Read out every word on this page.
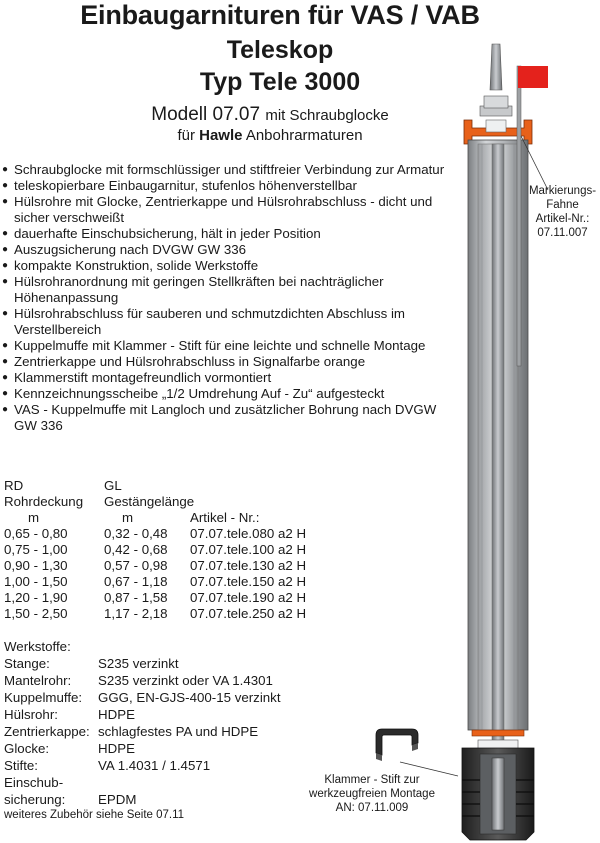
Einbaugarnituren für VAS / VAB
Teleskop
Typ Tele 3000
Modell 07.07 mit Schraubglocke
für Hawle Anbohrarmaturen
● Schraubglocke mit formschlüssiger und stiftfreier Verbindung zur Armatur
● teleskopierbare Einbaugarnitur, stufenlos höhenverstellbar
● Hülsrohre mit Glocke, Zentrierkappe und Hülsrohrabschluss - dicht und sicher verschweißt
● dauerhafte Einschubsicherung, hält in jeder Position
● Auszugsicherung nach DVGW GW 336
● kompakte Konstruktion, solide Werkstoffe
● Hülsrohranordnung mit geringen Stellkräften bei nachträglicher Höhenanpassung
● Hülsrohrabschluss für sauberen und schmutzdichten Abschluss im Verstellbereich
● Kuppelmuffe mit Klammer - Stift für eine leichte und schnelle Montage
● Zentrierkappe und Hülsrohrabschluss in Signalfarbe orange
● Klammerstift montagefreundlich vormontiert
● Kennzeichnungsscheibe „1/2 Umdrehung Auf - Zu“ aufgesteckt
● VAS - Kuppelmuffe mit Langloch und zusätzlicher Bohrung nach DVGW GW 336
RD	GL
Rohrdeckung Gestängelänge
m	m	Artikel - Nr.:
0,65 - 0,80	0,32 - 0,48 07.07.tele.080 a2 H
0,75 - 1,00	0,42 - 0,68 07.07.tele.100 a2 H
0,90 - 1,30	0,57 - 0,98 07.07.tele.130 a2 H
1,00 - 1,50	0,67 - 1,18 07.07.tele.150 a2 H
1,20 - 1,90	0,87 - 1,58 07.07.tele.190 a2 H
1,50 - 2,50	1,17 - 2,18 07.07.tele.250 a2 H
Werkstoffe:
Stange:	S235 verzinkt
Mantelrohr: S235 verzinkt oder VA 1.4301
Kuppelmuffe: GGG, EN-GJS-400-15 verzinkt
Hülsrohr:	HDPE
Zentrierkappe: schlagfestes PA und HDPE
Glocke:	HDPE
Stifte:	VA 1.4031 / 1.4571
Einschub-
sicherung: EPDM
weiteres Zubehör siehe Seite 07.11
Markierungs-
Fahne
Artikel-Nr.:
07.11.007
Klammer - Stift zur
werkzeugfreien Montage
AN: 07.11.009
